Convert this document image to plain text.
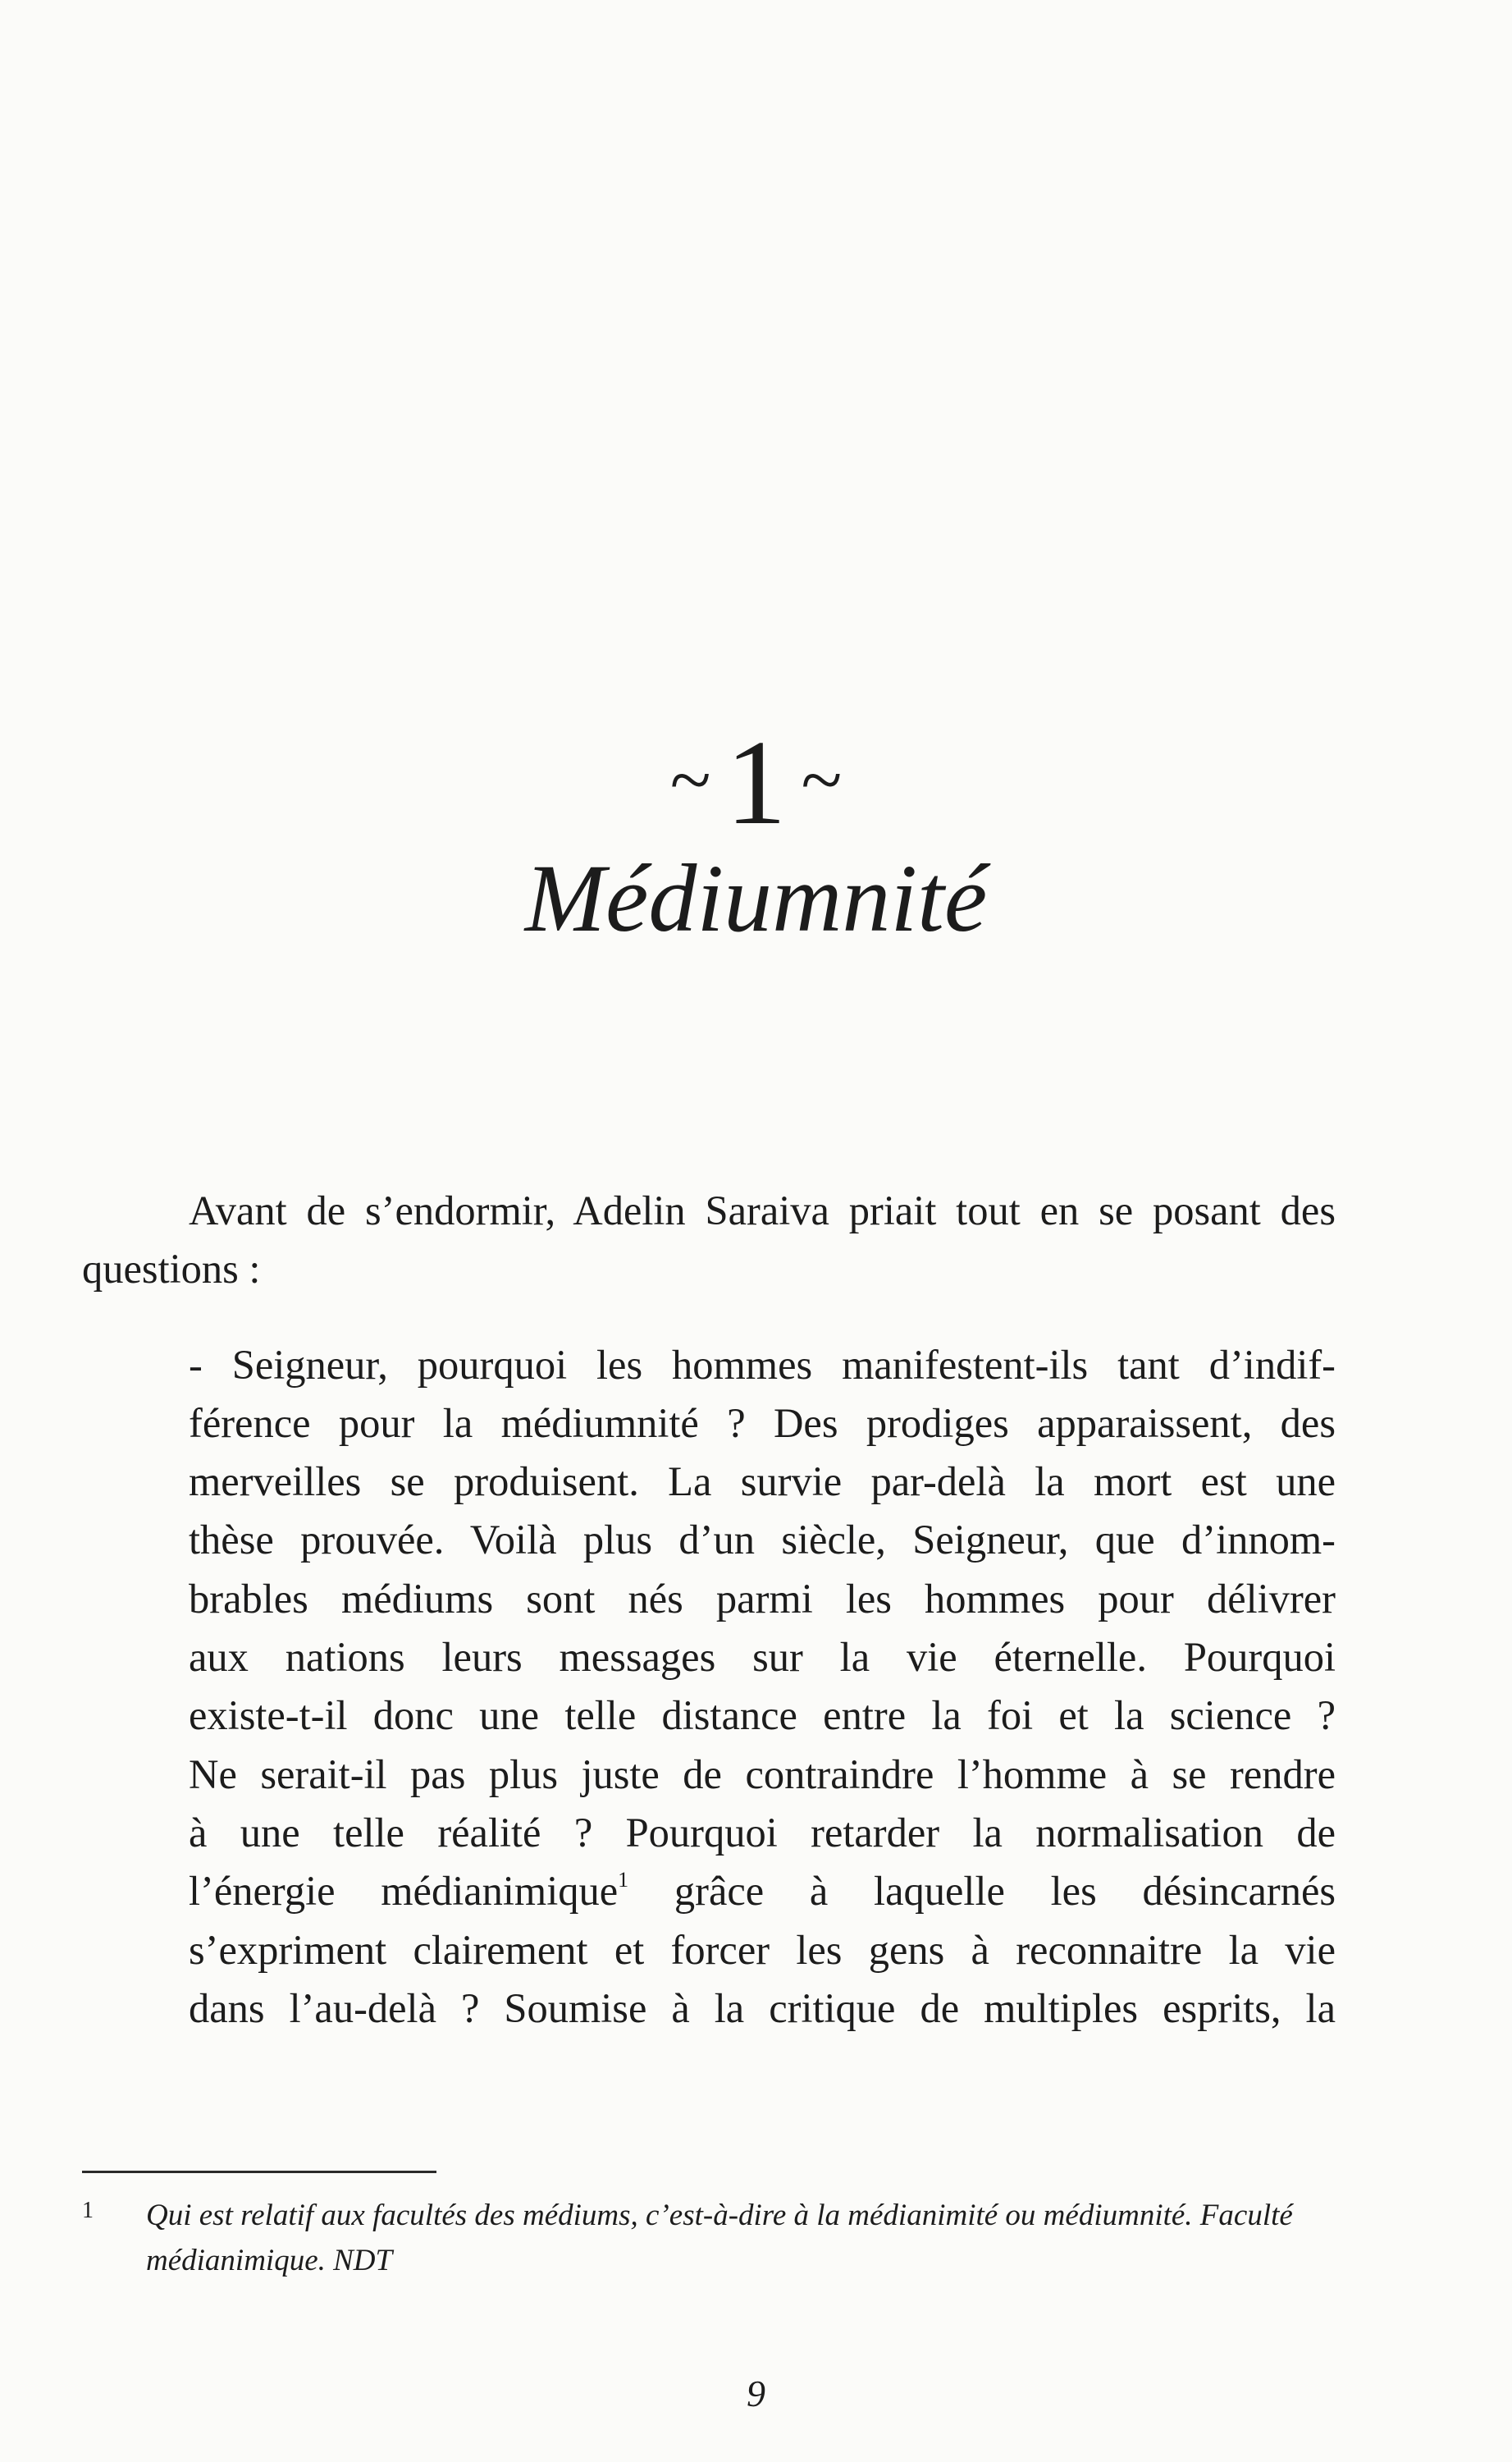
~ 1 ~
Médiumnité

Avant de s’endormir, Adelin Saraiva priait tout en se posant des questions :

- Seigneur, pourquoi les hommes manifestent-ils tant d’indif-
férence pour la médiumnité ? Des prodiges apparaissent, des
merveilles se produisent. La survie par-delà la mort est une
thèse prouvée. Voilà plus d’un siècle, Seigneur, que d’innom-
brables médiums sont nés parmi les hommes pour délivrer
aux nations leurs messages sur la vie éternelle. Pourquoi
existe-t-il donc une telle distance entre la foi et la science ?
Ne serait-il pas plus juste de contraindre l’homme à se rendre
à une telle réalité ? Pourquoi retarder la normalisation de
l’énergie médianimique$^1$ grâce à laquelle les désincarnés
s’expriment clairement et forcer les gens à reconnaitre la vie
dans l’au-delà ? Soumise à la critique de multiples esprits, la

1 Qui est relatif aux facultés des médiums, c’est-à-dire à la médianimité ou médiumnité. Faculté médianimique. NDT
9
